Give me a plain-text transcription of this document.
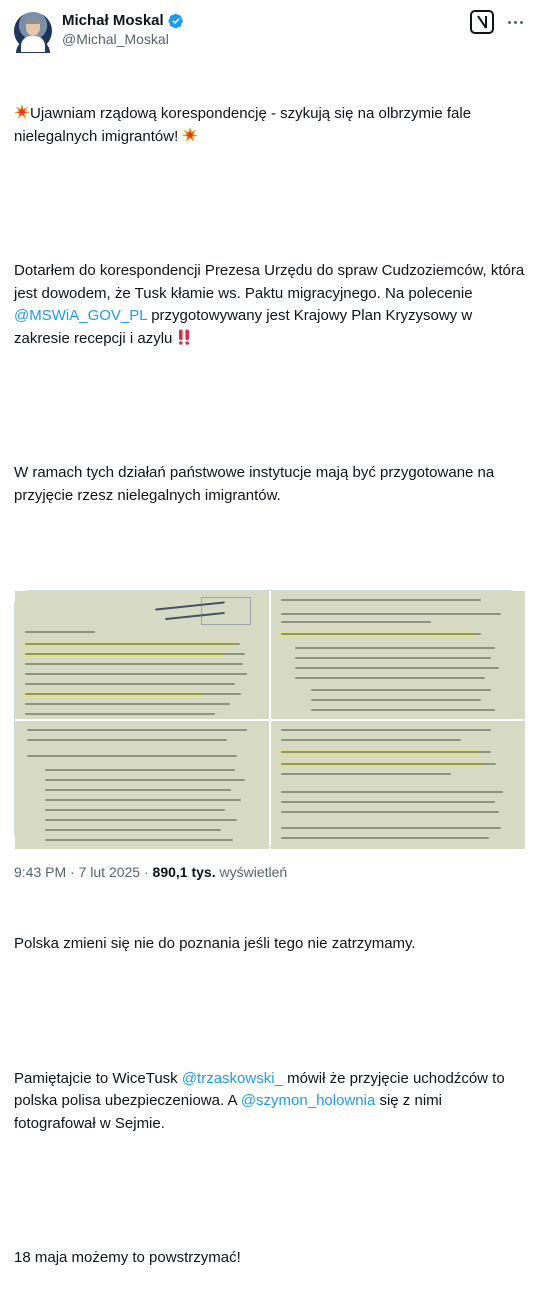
Michał Moskal
@Michal_Moskal

Ujawniam rządową korespondencję - szykują się na olbrzymie fale nielegalnych imigrantów!

Dotarłem do korespondencji Prezesa Urzędu do spraw Cudzoziemców, która jest dowodem, że Tusk kłamie ws. Paktu migracyjnego. Na polecenie @MSWiA_GOV_PL przygotowywany jest Krajowy Plan Kryzysowy w zakresie recepcji i azylu

W ramach tych działań państwowe instytucje mają być przygotowane na przyjęcie rzesz nielegalnych imigrantów.

Polska zmieni się nie do poznania jeśli tego nie zatrzymamy.

Pamiętajcie to WiceTusk @trzaskowski_ mówił że przyjęcie uchodźców to polska polisa ubezpieczeniowa. A @szymon_holownia się z nimi fotografował w Sejmie.

18 maja możemy to powstrzymać!

9:43 PM · 7 lut 2025 · 890,1 tys. wyświetleń
